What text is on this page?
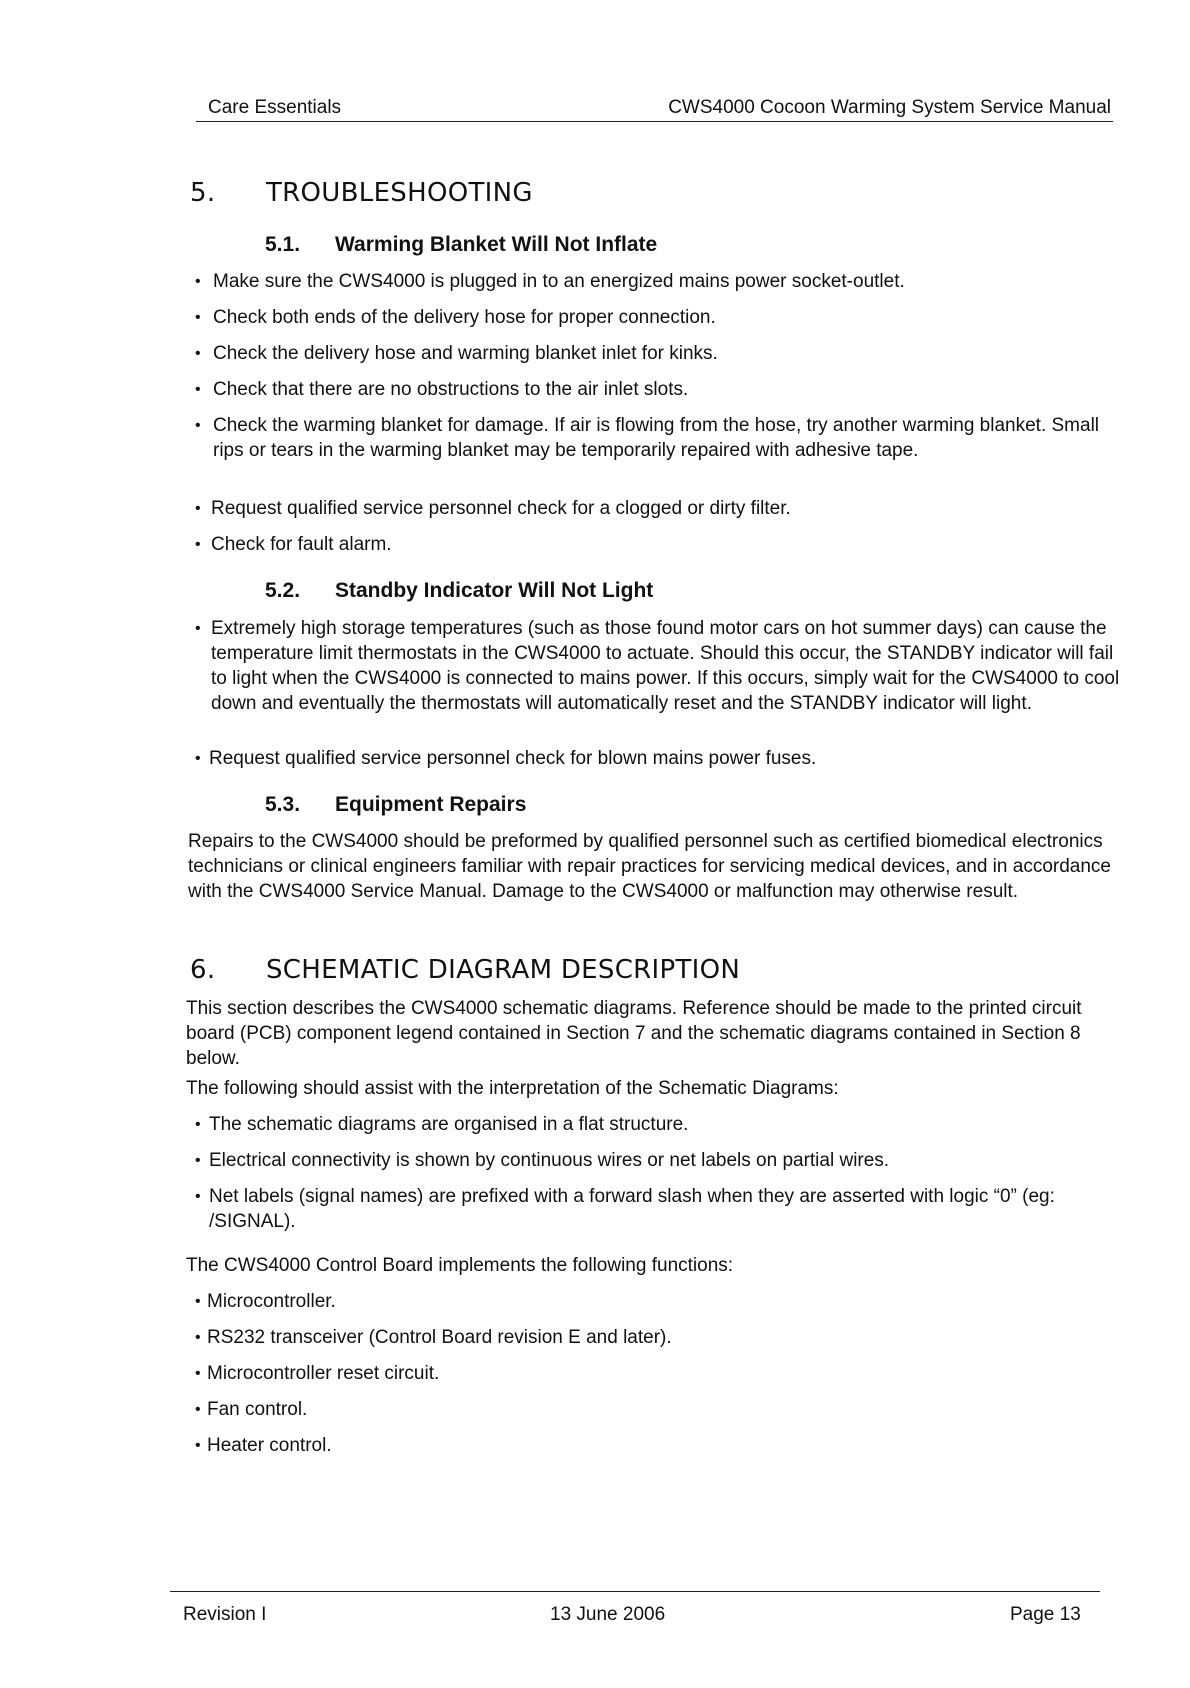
Care Essentials	CWS4000 Cocoon Warming System Service Manual
5. TROUBLESHOOTING
5.1. Warming Blanket Will Not Inflate
• Make sure the CWS4000 is plugged in to an energized mains power socket-outlet.
• Check both ends of the delivery hose for proper connection.
• Check the delivery hose and warming blanket inlet for kinks.
• Check that there are no obstructions to the air inlet slots.
• Check the warming blanket for damage. If air is flowing from the hose, try another warming blanket. Small rips or tears in the warming blanket may be temporarily repaired with adhesive tape.
• Request qualified service personnel check for a clogged or dirty filter.
• Check for fault alarm.
5.2. Standby Indicator Will Not Light
• Extremely high storage temperatures (such as those found motor cars on hot summer days) can cause the temperature limit thermostats in the CWS4000 to actuate. Should this occur, the STANDBY indicator will fail to light when the CWS4000 is connected to mains power. If this occurs, simply wait for the CWS4000 to cool down and eventually the thermostats will automatically reset and the STANDBY indicator will light.
• Request qualified service personnel check for blown mains power fuses.
5.3. Equipment Repairs
Repairs to the CWS4000 should be preformed by qualified personnel such as certified biomedical electronics technicians or clinical engineers familiar with repair practices for servicing medical devices, and in accordance with the CWS4000 Service Manual. Damage to the CWS4000 or malfunction may otherwise result.
6. SCHEMATIC DIAGRAM DESCRIPTION
This section describes the CWS4000 schematic diagrams. Reference should be made to the printed circuit board (PCB) component legend contained in Section 7 and the schematic diagrams contained in Section 8 below.
The following should assist with the interpretation of the Schematic Diagrams:
• The schematic diagrams are organised in a flat structure.
• Electrical connectivity is shown by continuous wires or net labels on partial wires.
• Net labels (signal names) are prefixed with a forward slash when they are asserted with logic “0” (eg: /SIGNAL).
The CWS4000 Control Board implements the following functions:
• Microcontroller.
• RS232 transceiver (Control Board revision E and later).
• Microcontroller reset circuit.
• Fan control.
• Heater control.
Revision I	13 June 2006	Page 13
